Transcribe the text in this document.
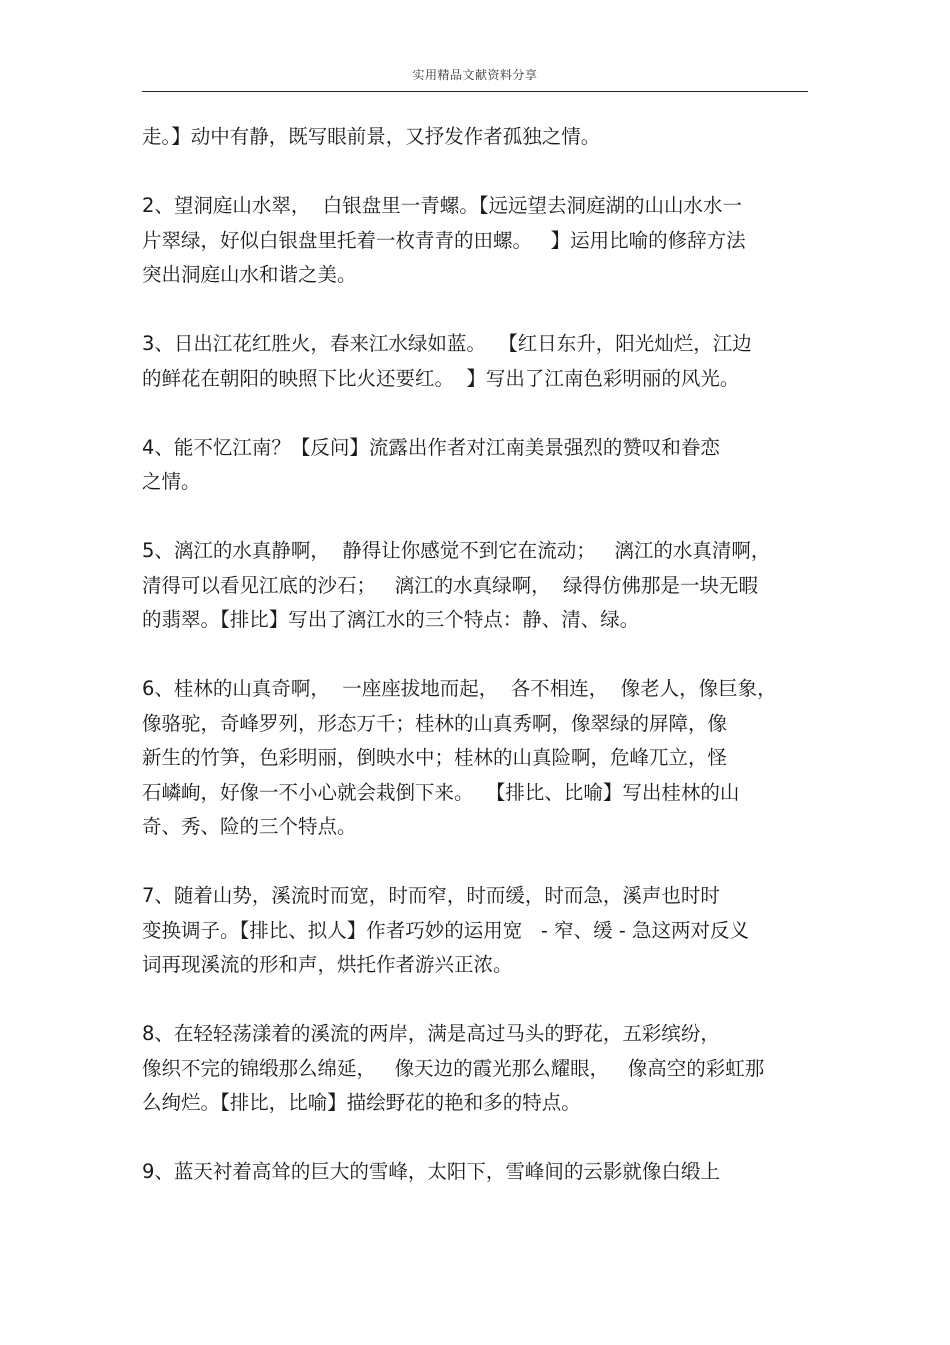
实用精品文献资料分享
走。】动中有静，既写眼前景，又抒发作者孤独之情。
2、望洞庭山水翠，  白银盘里一青螺。【远远望去洞庭湖的山山水水一
片翠绿，好似白银盘里托着一枚青青的田螺。   】运用比喻的修辞方法
突出洞庭山水和谐之美。
3、日出江花红胜火，春来江水绿如蓝。  【红日东升，阳光灿烂，江边
的鲜花在朝阳的映照下比火还要红。  】写出了江南色彩明丽的风光。
4、能不忆江南？【反问】流露出作者对江南美景强烈的赞叹和眷恋
之情。
5、漓江的水真静啊，  静得让你感觉不到它在流动；   漓江的水真清啊，
清得可以看见江底的沙石；   漓江的水真绿啊，  绿得仿佛那是一块无暇
的翡翠。【排比】写出了漓江水的三个特点：静、清、绿。
6、桂林的山真奇啊，  一座座拔地而起，  各不相连，  像老人，像巨象，
像骆驼，奇峰罗列，形态万千；桂林的山真秀啊，像翠绿的屏障，像
新生的竹笋，色彩明丽，倒映水中；桂林的山真险啊，危峰兀立，怪
石嶙峋，好像一不小心就会栽倒下来。  【排比、比喻】写出桂林的山
奇、秀、险的三个特点。
7、随着山势，溪流时而宽，时而窄，时而缓，时而急，溪声也时时
变换调子。【排比、拟人】作者巧妙的运用宽   - 窄、缓 - 急这两对反义
词再现溪流的形和声，烘托作者游兴正浓。
8、在轻轻荡漾着的溪流的两岸，满是高过马头的野花，五彩缤纷，
像织不完的锦缎那么绵延，   像天边的霞光那么耀眼，   像高空的彩虹那
么绚烂。【排比，比喻】描绘野花的艳和多的特点。
9、蓝天衬着高耸的巨大的雪峰，太阳下，雪峰间的云影就像白缎上
